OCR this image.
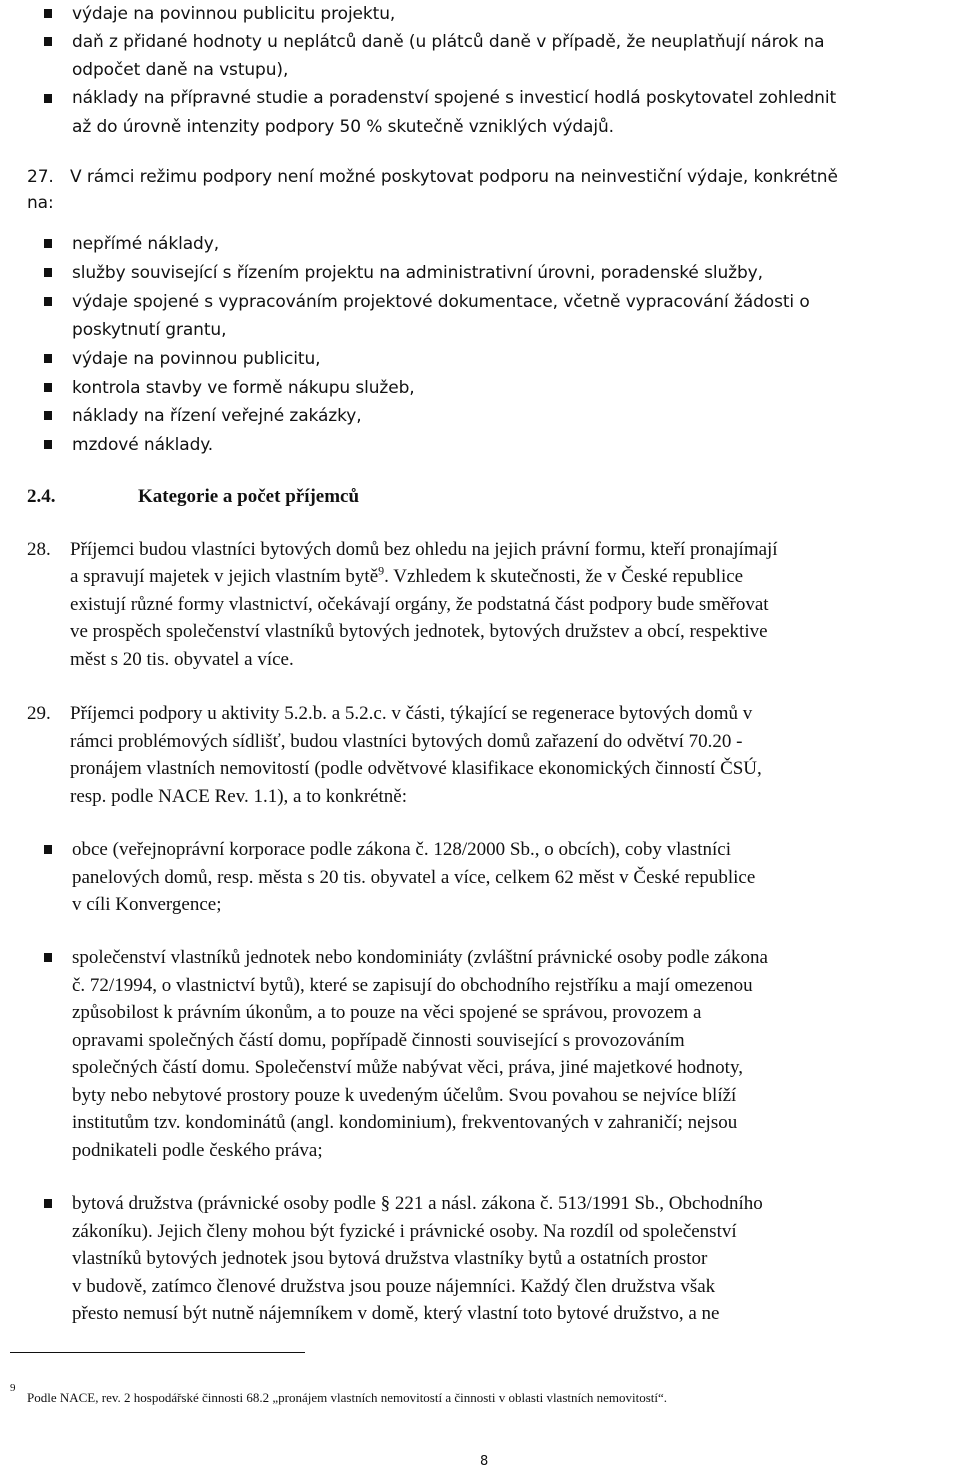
výdaje na povinnou publicitu projektu,
daň z přidané hodnoty u neplátců daně (u plátců daně v případě, že neuplatňují nárok na
odpočet daně na vstupu),
náklady na přípravné studie a poradenství spojené s investicí hodlá poskytovatel zohlednit
až do úrovně intenzity podpory 50 % skutečně vzniklých výdajů.
27. V rámci režimu podpory není možné poskytovat podporu na neinvestiční výdaje, konkrétně
na:
nepřímé náklady,
služby související s řízením projektu na administrativní úrovni, poradenské služby,
výdaje spojené s vypracováním projektové dokumentace, včetně vypracování žádosti o
poskytnutí grantu,
výdaje na povinnou publicitu,
kontrola stavby ve formě nákupu služeb,
náklady na řízení veřejné zakázky,
mzdové náklady.
2.4.	Kategorie a počet příjemců
28. Příjemci budou vlastníci bytových domů bez ohledu na jejich právní formu, kteří pronajímají
a spravují majetek v jejich vlastním bytě$^9$. Vzhledem k skutečnosti, že v České republice
existují různé formy vlastnictví, očekávají orgány, že podstatná část podpory bude směřovat
ve prospěch společenství vlastníků bytových jednotek, bytových družstev a obcí, respektive
měst s 20 tis. obyvatel a více.
29. Příjemci podpory u aktivity 5.2.b. a 5.2.c. v části, týkající se regenerace bytových domů v
rámci problémových sídlišť, budou vlastníci bytových domů zařazení do odvětví 70.20 -
pronájem vlastních nemovitostí (podle odvětvové klasifikace ekonomických činností ČSÚ,
resp. podle NACE Rev. 1.1), a to konkrétně:
obce (veřejnoprávní korporace podle zákona č. 128/2000 Sb., o obcích), coby vlastníci
panelových domů, resp. města s 20 tis. obyvatel a více, celkem 62 měst v České republice
v cíli Konvergence;
společenství vlastníků jednotek nebo kondominiáty (zvláštní právnické osoby podle zákona
č. 72/1994, o vlastnictví bytů), které se zapisují do obchodního rejstříku a mají omezenou
způsobilost k právním úkonům, a to pouze na věci spojené se správou, provozem a
opravami společných částí domu, popřípadě činnosti související s provozováním
společných částí domu. Společenství může nabývat věci, práva, jiné majetkové hodnoty,
byty nebo nebytové prostory pouze k uvedeným účelům. Svou povahou se nejvíce blíží
institutům tzv. kondominátů (angl. kondominium), frekventovaných v zahraničí; nejsou
podnikateli podle českého práva;
bytová družstva (právnické osoby podle § 221 a násl. zákona č. 513/1991 Sb., Obchodního
zákoníku). Jejich členy mohou být fyzické i právnické osoby. Na rozdíl od společenství
vlastníků bytových jednotek jsou bytová družstva vlastníky bytů a ostatních prostor
v budově, zatímco členové družstva jsou pouze nájemníci. Každý člen družstva však
přesto nemusí být nutně nájemníkem v domě, který vlastní toto bytové družstvo, a ne
9
Podle NACE, rev. 2 hospodářské činnosti 68.2 „pronájem vlastních nemovitostí a činnosti v oblasti vlastních nemovitostí“.
8
